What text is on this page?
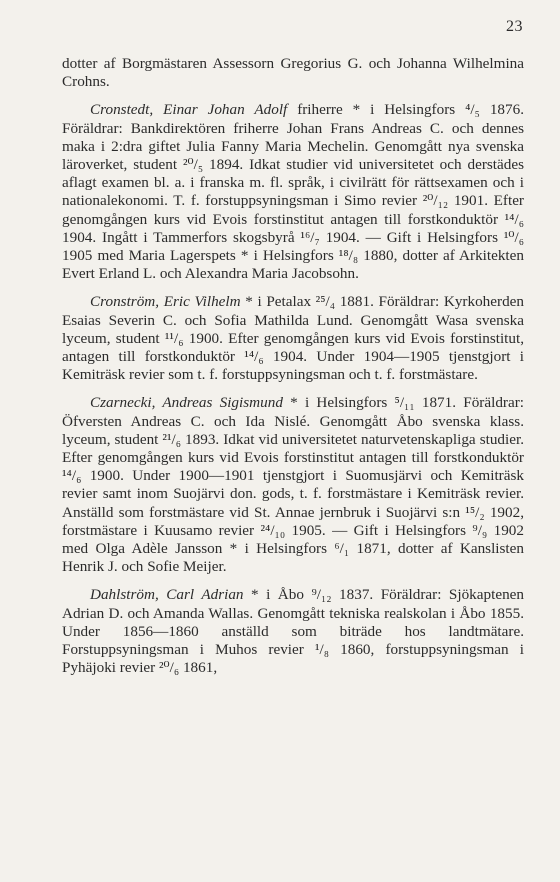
23

dotter af Borgmästaren Assessorn Gregorius G. och Johanna Wilhelmina Crohns.

Cronstedt, Einar Johan Adolf friherre * i Helsingfors ⁴/₅ 1876. Föräldrar: Bankdirektören friherre Johan Frans Andreas C. och dennes maka i 2:dra giftet Julia Fanny Maria Mechelin. Genomgått nya svenska läroverket, student ²⁰/₅ 1894. Idkat studier vid universitetet och derstädes aflagt examen bl. a. i franska m. fl. språk, i civilrätt för rättsexamen och i nationalekonomi. T. f. forstuppsyningsman i Simo revier ²⁰/₁₂ 1901. Efter genomgången kurs vid Evois forstinstitut antagen till forstkonduktör ¹⁴/₆ 1904. Ingått i Tammerfors skogsbyrå ¹⁶/₇ 1904. — Gift i Helsingfors ¹⁰/₆ 1905 med Maria Lagerspets * i Helsingfors ¹⁸/₈ 1880, dotter af Arkitekten Evert Erland L. och Alexandra Maria Jacobsohn.

Cronström, Eric Vilhelm * i Petalax ²⁵/₄ 1881. Föräldrar: Kyrkoherden Esaias Severin C. och Sofia Mathilda Lund. Genomgått Wasa svenska lyceum, student ¹¹/₆ 1900. Efter genomgången kurs vid Evois forstinstitut, antagen till forstkonduktör ¹⁴/₆ 1904. Under 1904—1905 tjenstgjort i Kemiträsk revier som t. f. forstuppsyningsman och t. f. forstmästare.

Czarnecki, Andreas Sigismund * i Helsingfors ⁵/₁₁ 1871. Föräldrar: Öfversten Andreas C. och Ida Nislé. Genomgått Åbo svenska klass. lyceum, student ²¹/₆ 1893. Idkat vid universitetet naturvetenskapliga studier. Efter genomgången kurs vid Evois forstinstitut antagen till forstkonduktör ¹⁴/₆ 1900. Under 1900—1901 tjenstgjort i Suomusjärvi och Kemiträsk revier samt inom Suojärvi don. gods, t. f. forstmästare i Kemiträsk revier. Anställd som forstmästare vid St. Annae jernbruk i Suojärvi s:n ¹⁵/₂ 1902, forstmästare i Kuusamo revier ²⁴/₁₀ 1905. — Gift i Helsingfors ⁹/₉ 1902 med Olga Adèle Jansson * i Helsingfors ⁶/₁ 1871, dotter af Kanslisten Henrik J. och Sofie Meijer.

Dahlström, Carl Adrian * i Åbo ⁹/₁₂ 1837. Föräldrar: Sjökaptenen Adrian D. och Amanda Wallas. Genomgått tekniska realskolan i Åbo 1855. Under 1856—1860 anställd som biträde hos landtmätare. Forstuppsyningsman i Muhos revier ¹/₈ 1860, forstuppsyningsman i Pyhäjoki revier ²⁰/₆ 1861,
